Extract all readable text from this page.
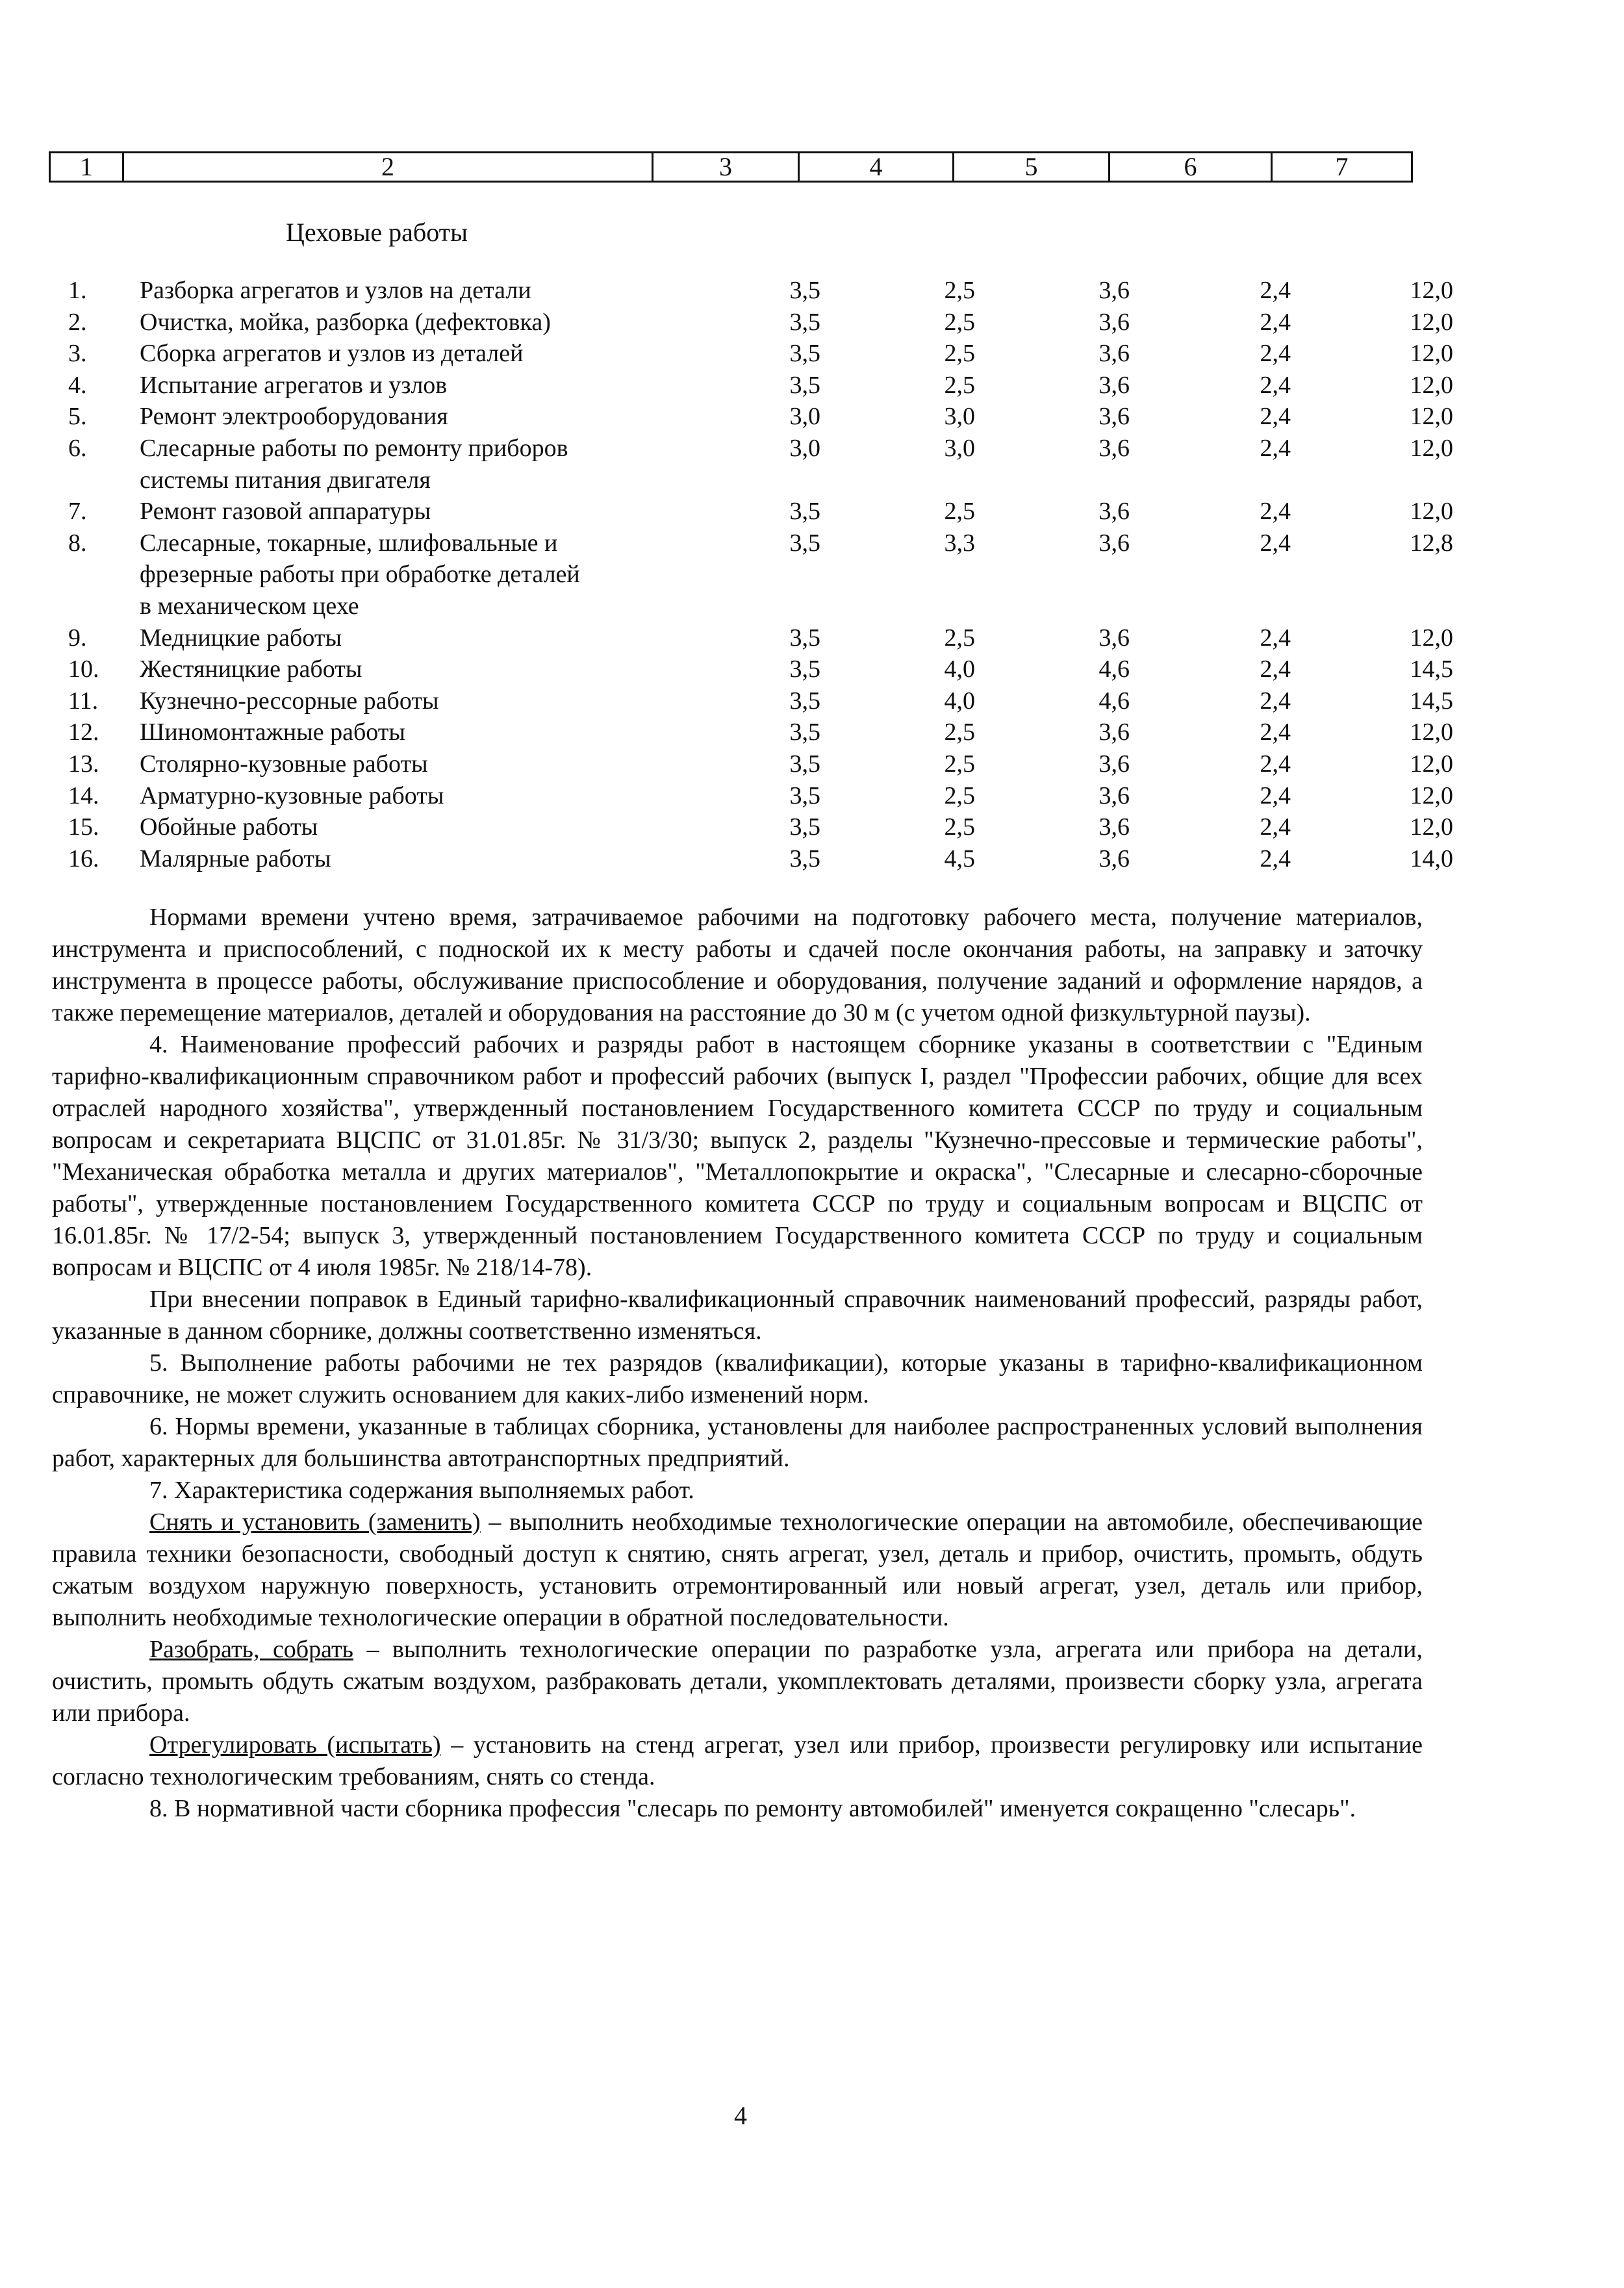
1	2	3	4	5	6	7
Цеховые работы
1.	Разборка агрегатов и узлов на детали	3,5	2,5	3,6	2,4	12,0
2.	Очистка, мойка, разборка (дефектовка)	3,5	2,5	3,6	2,4	12,0
3.	Сборка агрегатов и узлов из деталей	3,5	2,5	3,6	2,4	12,0
4.	Испытание агрегатов и узлов	3,5	2,5	3,6	2,4	12,0
5.	Ремонт электрооборудования	3,0	3,0	3,6	2,4	12,0
6.	Слесарные работы по ремонту приборов	3,0	3,0	3,6	2,4	12,0
системы питания двигателя
7.	Ремонт газовой аппаратуры	3,5	2,5	3,6	2,4	12,0
8.	Слесарные, токарные, шлифовальные и	3,5	3,3	3,6	2,4	12,8
фрезерные работы при обработке деталей
в механическом цехе
9.	Медницкие работы	3,5	2,5	3,6	2,4	12,0
10.	Жестяницкие работы	3,5	4,0	4,6	2,4	14,5
11.	Кузнечно-рессорные работы	3,5	4,0	4,6	2,4	14,5
12.	Шиномонтажные работы	3,5	2,5	3,6	2,4	12,0
13.	Столярно-кузовные работы	3,5	2,5	3,6	2,4	12,0
14.	Арматурно-кузовные работы	3,5	2,5	3,6	2,4	12,0
15.	Обойные работы	3,5	2,5	3,6	2,4	12,0
16.	Малярные работы	3,5	4,5	3,6	2,4	14,0

Нормами времени учтено время, затрачиваемое рабочими на подготовку рабочего места, получение материалов, инструмента и приспособлений, с подноской их к месту работы и сдачей после окончания работы, на заправку и заточку инструмента в процессе работы, обслуживание приспособление и оборудования, получение заданий и оформление нарядов, а также перемещение материалов, деталей и оборудования на расстояние до 30 м (с учетом одной физкультурной паузы).

4. Наименование профессий рабочих и разряды работ в настоящем сборнике указаны в соответствии с "Единым тарифно-квалификационным справочником работ и профессий рабочих (выпуск I, раздел "Профессии рабочих, общие для всех отраслей народного хозяйства", утвержденный постановлением Государственного комитета СССР по труду и социальным вопросам и секретариата ВЦСПС от 31.01.85г. № 31/3/30; выпуск 2, разделы "Кузнечно-прессовые и термические работы", "Механическая обработка металла и других материалов", "Металлопокрытие и окраска", "Слесарные и слесарно-сборочные работы", утвержденные постановлением Государственного комитета СССР по труду и социальным вопросам и ВЦСПС от 16.01.85г. № 17/2-54; выпуск 3, утвержденный постановлением Государственного комитета СССР по труду и социальным вопросам и ВЦСПС от 4 июля 1985г. № 218/14-78).

При внесении поправок в Единый тарифно-квалификационный справочник наименований профессий, разряды работ, указанные в данном сборнике, должны соответственно изменяться.

5. Выполнение работы рабочими не тех разрядов (квалификации), которые указаны в тарифно-квалификационном справочнике, не может служить основанием для каких-либо изменений норм.

6. Нормы времени, указанные в таблицах сборника, установлены для наиболее распространенных условий выполнения работ, характерных для большинства автотранспортных предприятий.

7. Характеристика содержания выполняемых работ.

Снять и установить (заменить) – выполнить необходимые технологические операции на автомобиле, обеспечивающие правила техники безопасности, свободный доступ к снятию, снять агрегат, узел, деталь и прибор, очистить, промыть, обдуть сжатым воздухом наружную поверхность, установить отремонтированный или новый агрегат, узел, деталь или прибор, выполнить необходимые технологические операции в обратной последовательности.

Разобрать, собрать – выполнить технологические операции по разработке узла, агрегата или прибора на детали, очистить, промыть обдуть сжатым воздухом, разбраковать детали, укомплектовать деталями, произвести сборку узла, агрегата или прибора.

Отрегулировать (испытать) – установить на стенд агрегат, узел или прибор, произвести регулировку или испытание согласно технологическим требованиям, снять со стенда.

8. В нормативной части сборника профессия "слесарь по ремонту автомобилей" именуется сокращенно "слесарь".

4
